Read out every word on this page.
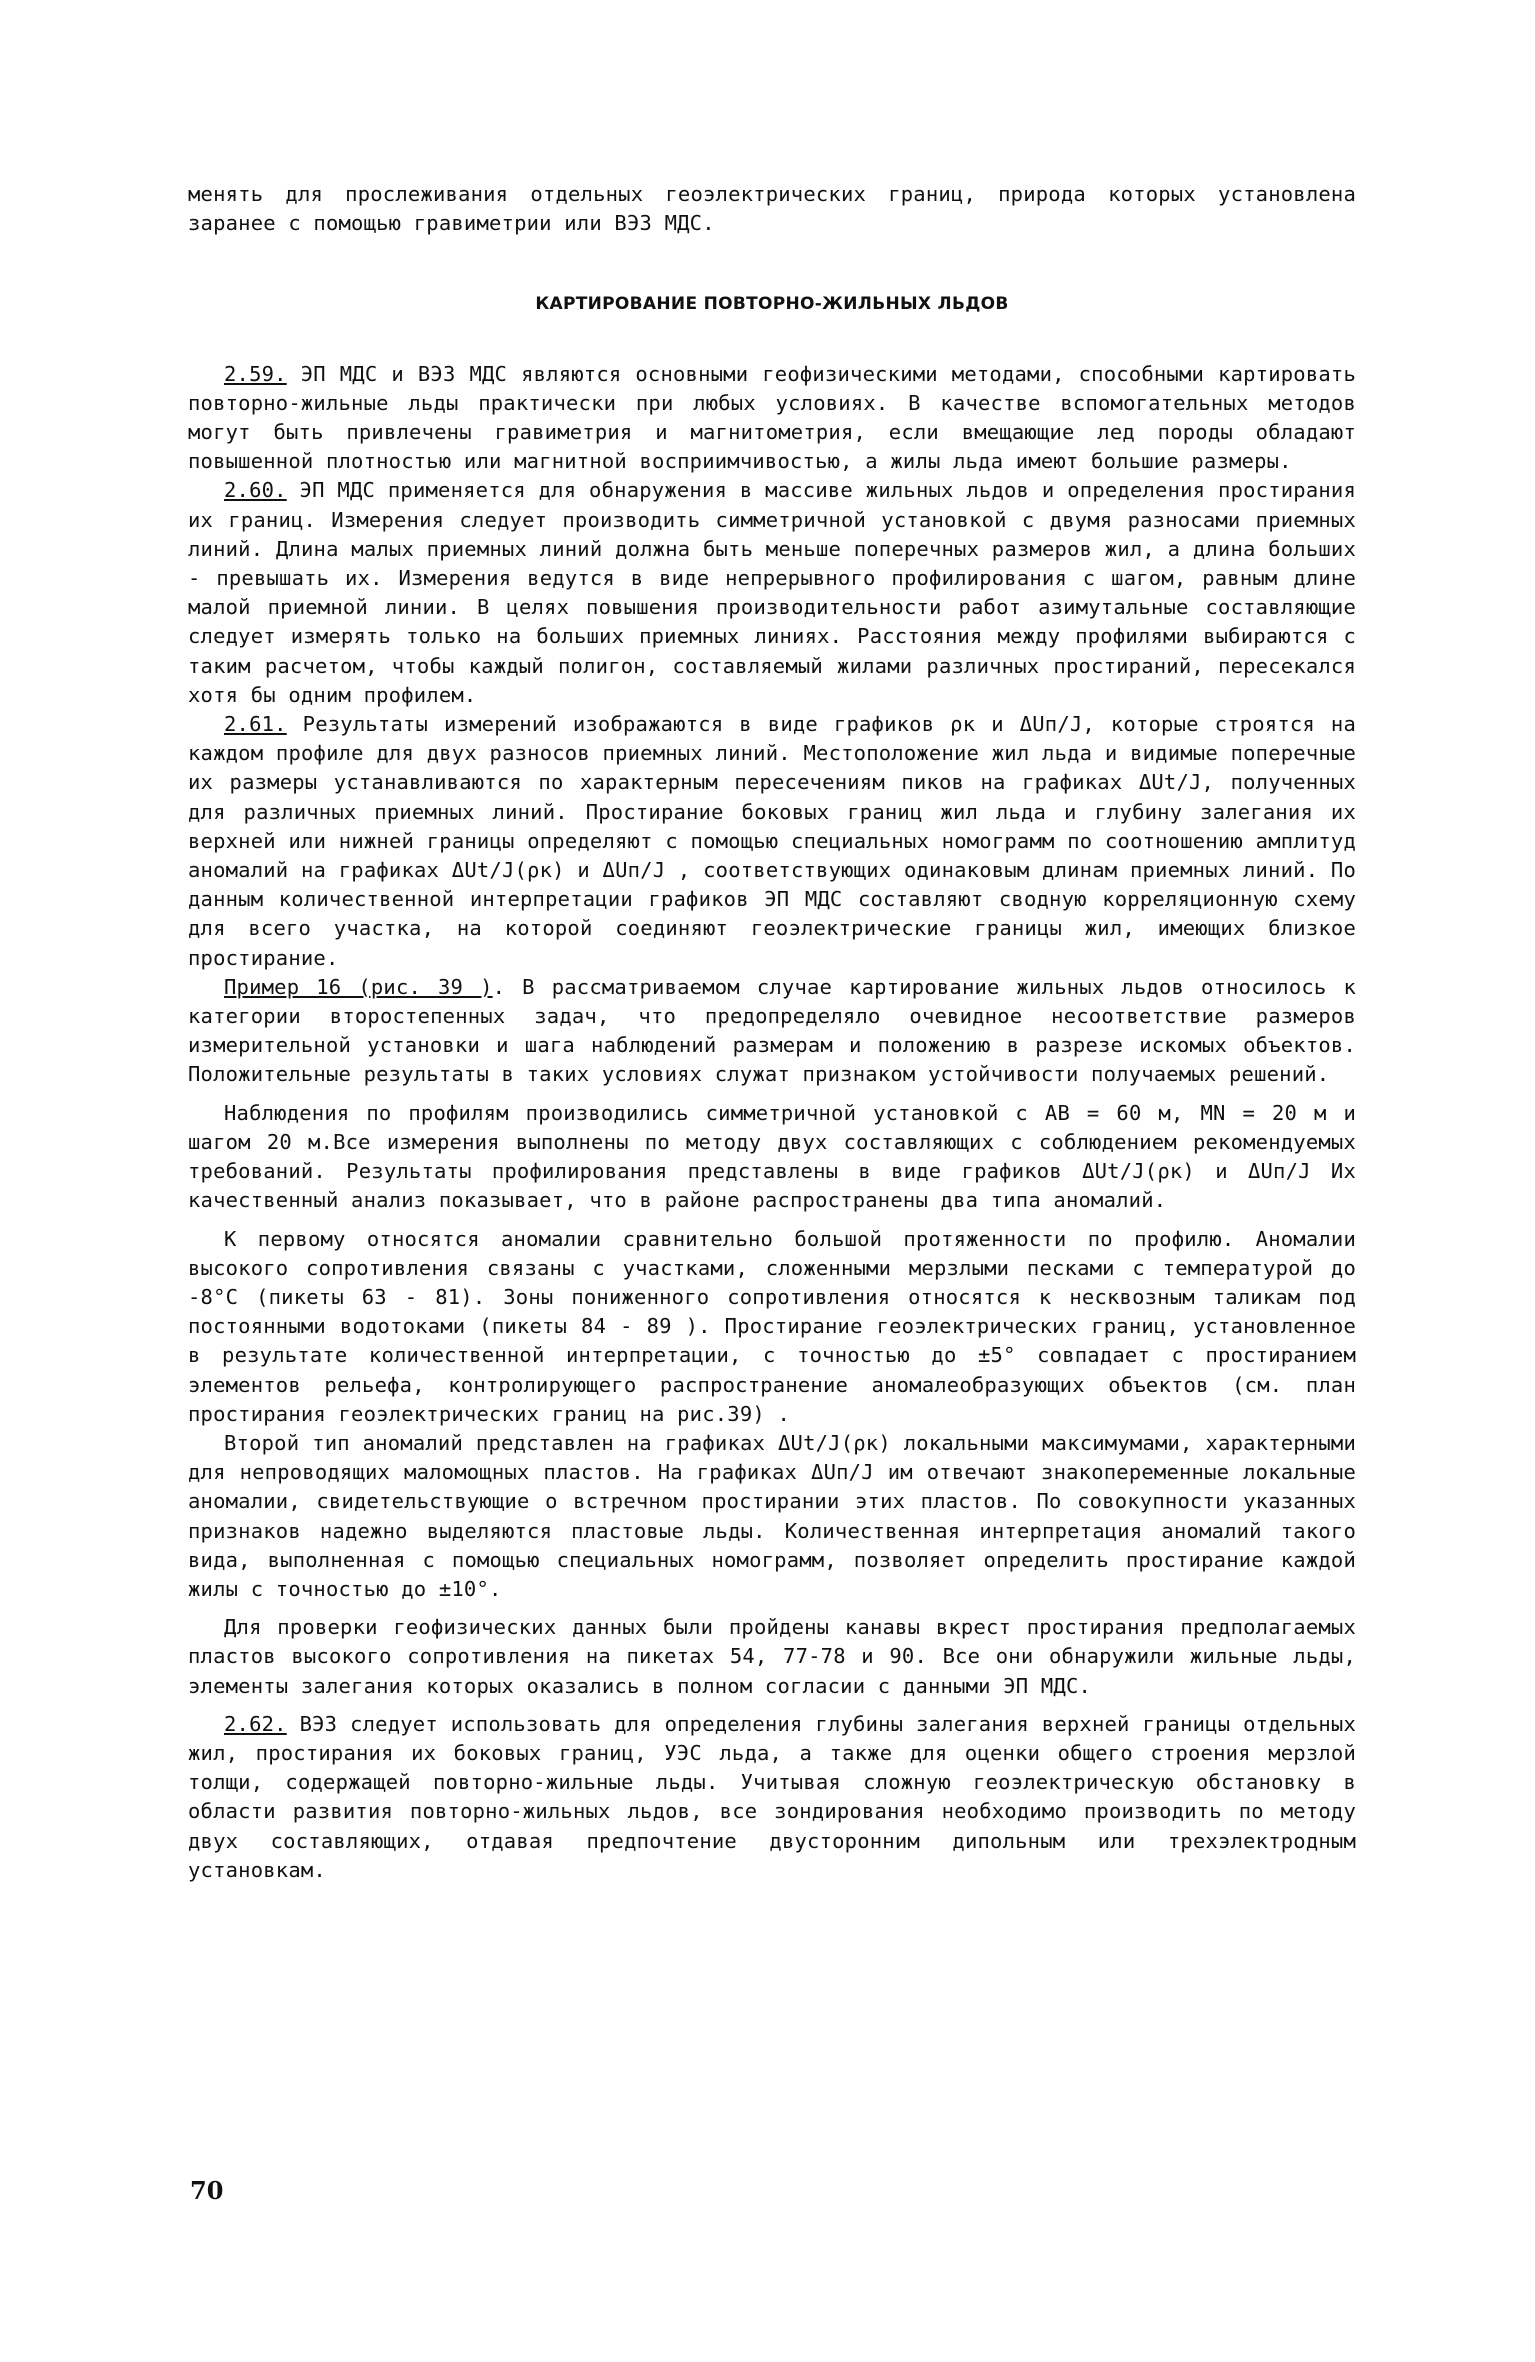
менять для прослеживания отдельных геоэлектрических границ, природа которых установлена заранее с помощью гравиметрии или ВЭЗ МДС.

КАРТИРОВАНИЕ ПОВТОРНО-ЖИЛЬНЫХ ЛЬДОВ

2.59. ЭП МДС и ВЭЗ МДС являются основными геофизическими методами, способными картировать повторно-жильные льды практически при любых условиях. В качестве вспомогательных методов могут быть привлечены гравиметрия и магнитометрия, если вмещающие лед породы обладают повышенной плотностью или магнитной восприимчивостью, а жилы льда имеют большие размеры.

2.60. ЭП МДС применяется для обнаружения в массиве жильных льдов и определения простирания их границ. Измерения следует производить симметричной установкой с двумя разносами приемных линий. Длина малых приемных линий должна быть меньше поперечных размеров жил, а длина больших - превышать их. Измерения ведутся в виде непрерывного профилирования с шагом, равным длине малой приемной линии. В целях повышения производительности работ азимутальные составляющие следует измерять только на больших приемных линиях. Расстояния между профилями выбираются с таким расчетом, чтобы каждый полигон, составляемый жилами различных простираний, пересекался хотя бы одним профилем.

2.61. Результаты измерений изображаются в виде графиков ρк и ΔUп/J, которые строятся на каждом профиле для двух разносов приемных линий. Местоположение жил льда и видимые поперечные их размеры устанавливаются по характерным пересечениям пиков на графиках ΔUt/J, полученных для различных приемных линий. Простирание боковых границ жил льда и глубину залегания их верхней или нижней границы определяют с помощью специальных номограмм по соотношению амплитуд аномалий на графиках ΔUt/J(ρк) и ΔUп/J , соответствующих одинаковым длинам приемных линий. По данным количественной интерпретации графиков ЭП МДС составляют сводную корреляционную схему для всего участка, на которой соединяют геоэлектрические границы жил, имеющих близкое простирание.

Пример 16 (рис. 39 ). В рассматриваемом случае картирование жильных льдов относилось к категории второстепенных задач, что предопределяло очевидное несоответствие размеров измерительной установки и шага наблюдений размерам и положению в разрезе искомых объектов. Положительные результаты в таких условиях служат признаком устойчивости получаемых решений.

Наблюдения по профилям производились симметричной установкой с АВ = 60 м, MN = 20 м и шагом 20 м.Все измерения выполнены по методу двух составляющих с соблюдением рекомендуемых требований. Результаты профилирования представлены в виде графиков ΔUt/J(ρк) и ΔUп/J Их качественный анализ показывает, что в районе распространены два типа аномалий.

К первому относятся аномалии сравнительно большой протяженности по профилю. Аномалии высокого сопротивления связаны с участками, сложенными мерзлыми песками с температурой до -8°С (пикеты 63 - 81). Зоны пониженного сопротивления относятся к несквозным таликам под постоянными водотоками (пикеты 84 - 89 ). Простирание геоэлектрических границ, установленное в результате количественной интерпретации, с точностью до ±5° совпадает с простиранием элементов рельефа, контролирующего распространение аномалеобразующих объектов (см. план простирания геоэлектрических границ на рис.39) .

Второй тип аномалий представлен на графиках ΔUt/J(ρк) локальными максимумами, характерными для непроводящих маломощных пластов. На графиках ΔUп/J им отвечают знакопеременные локальные аномалии, свидетельствующие о встречном простирании этих пластов. По совокупности указанных признаков надежно выделяются пластовые льды. Количественная интерпретация аномалий такого вида, выполненная с помощью специальных номограмм, позволяет определить простирание каждой жилы с точностью до ±10°.

Для проверки геофизических данных были пройдены канавы вкрест простирания предполагаемых пластов высокого сопротивления на пикетах 54, 77-78 и 90. Все они обнаружили жильные льды, элементы залегания которых оказались в полном согласии с данными ЭП МДС.

2.62. ВЭЗ следует использовать для определения глубины залегания верхней границы отдельных жил, простирания их боковых границ, УЭС льда, а также для оценки общего строения мерзлой толщи, содержащей повторно-жильные льды. Учитывая сложную геоэлектрическую обстановку в области развития повторно-жильных льдов, все зондирования необходимо производить по методу двух составляющих, отдавая предпочтение двусторонним дипольным или трехэлектродным установкам.

70
